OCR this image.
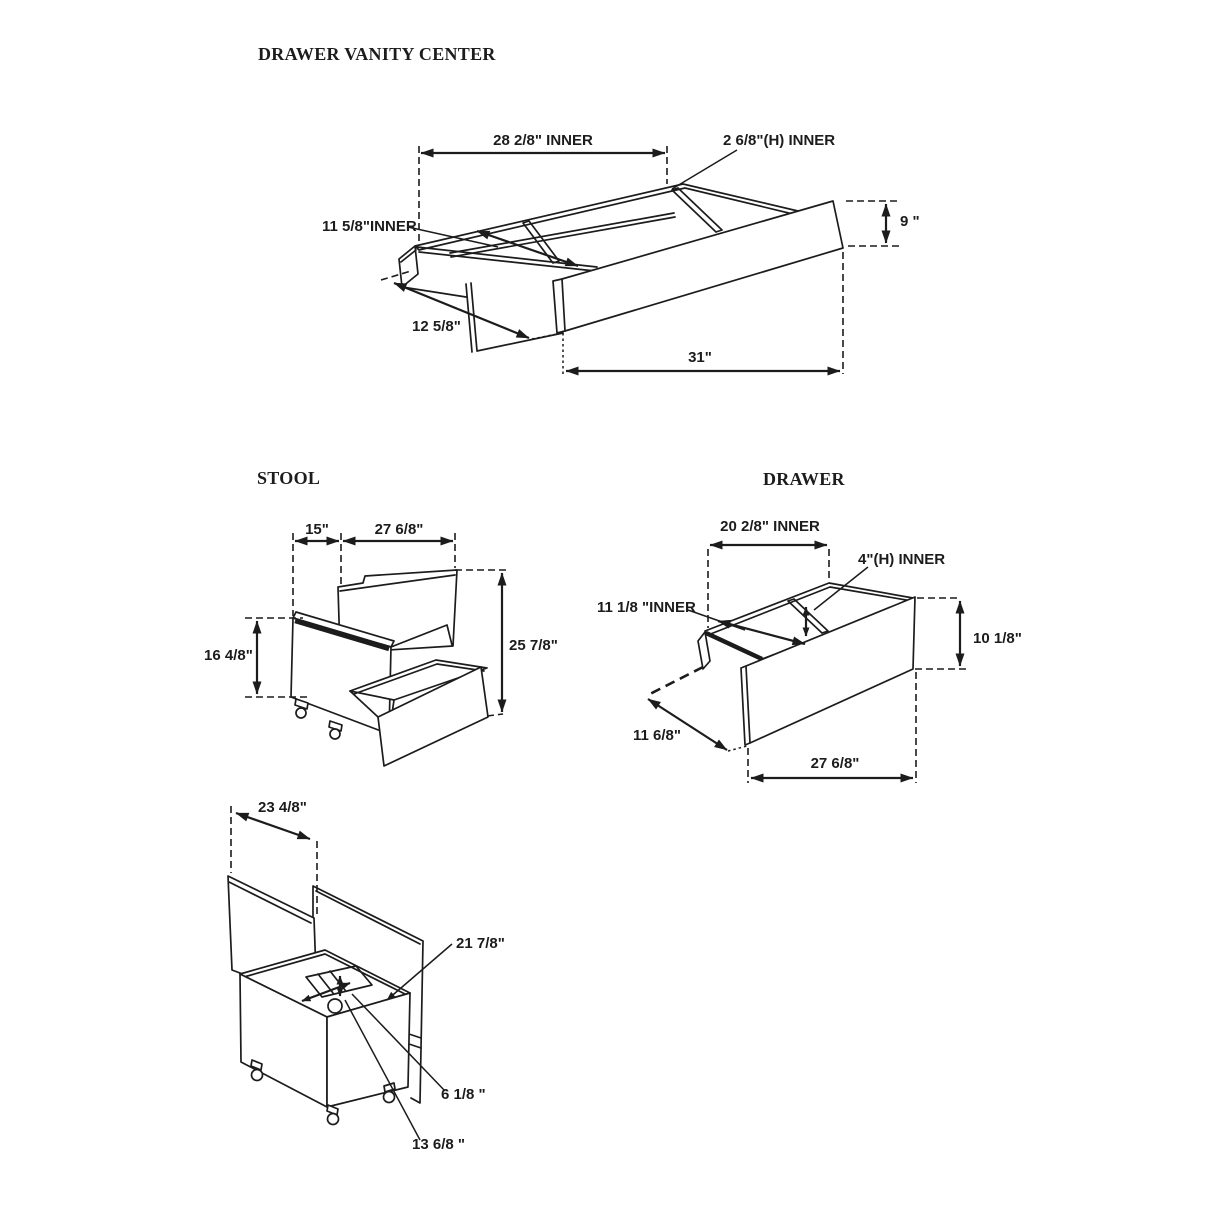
DRAWER VANITY CENTER
28 2/8" INNER	2 6/8"(H) INNER
11 5/8"INNER	9 "
12 5/8"
31"
STOOL
15"	27 6/8"
16 4/8"
25 7/8"
DRAWER
20 2/8" INNER
4"(H) INNER
11 1/8 "INNER
10 1/8"
11 6/8"
27 6/8"
23 4/8"
21 7/8"
6 1/8 "
13 6/8 "
